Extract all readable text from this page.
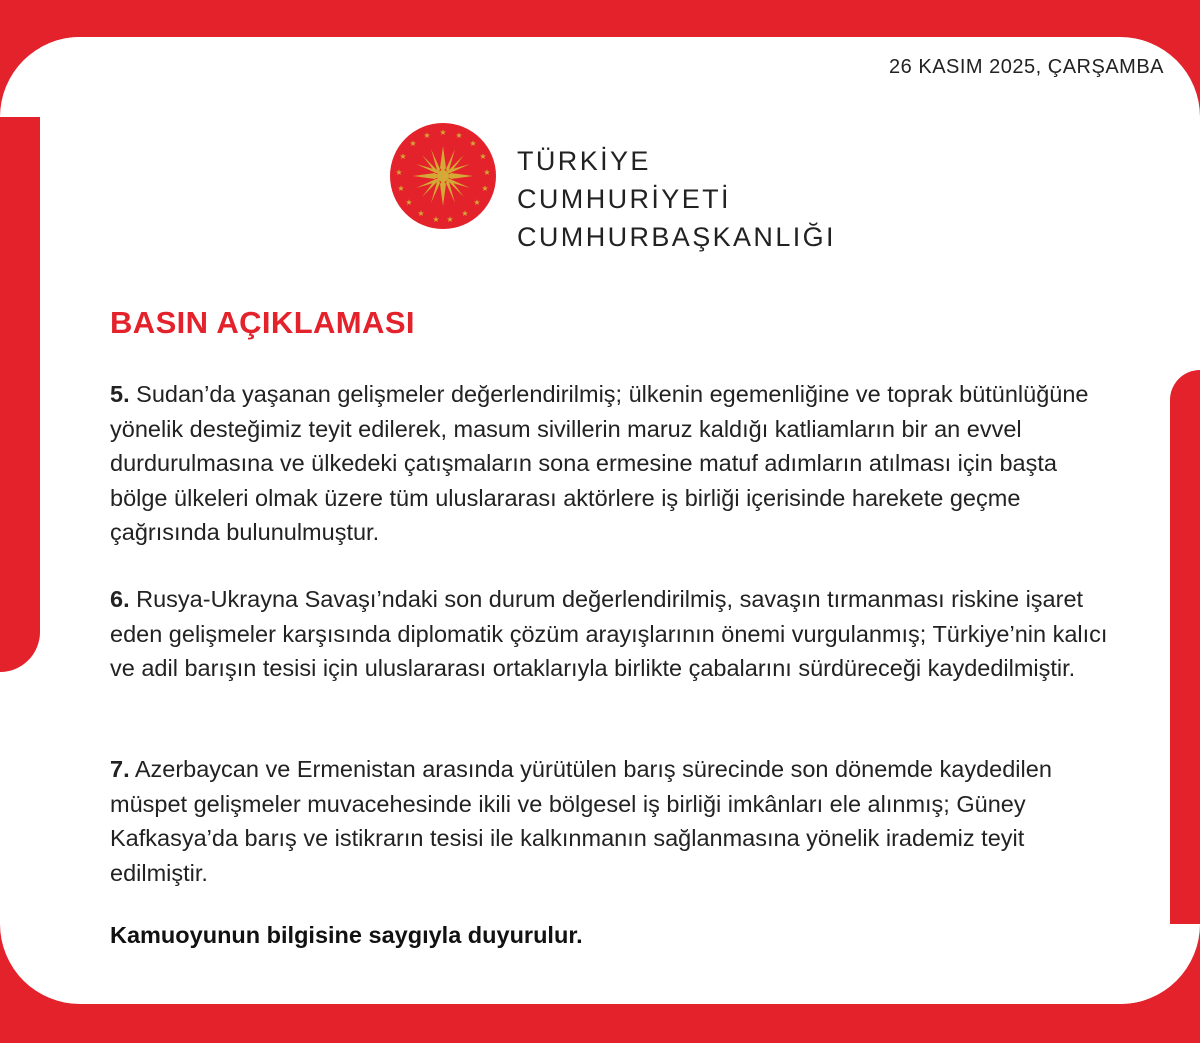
26 KASIM 2025, ÇARŞAMBA
★ ★
★
★
★
★
★
★
★
★
★
★
★
★
★
★
★
TÜRKİYE CUMHURİYETİ
CUMHURBAŞKANLIĞI
BASIN AÇIKLAMASI

5. Sudan’da yaşanan gelişmeler değerlendirilmiş; ülkenin egemenliğine ve toprak bütünlüğüne yönelik desteğimiz teyit edilerek, masum sivillerin maruz kaldığı katliamların bir an evvel durdurulmasına ve ülkedeki çatışmaların sona ermesine matuf adımların atılması için başta bölge ülkeleri olmak üzere tüm uluslararası aktörlere iş birliği içerisinde harekete geçme çağrısında bulunulmuştur.

6. Rusya-Ukrayna Savaşı’ndaki son durum değerlendirilmiş, savaşın tırmanması riskine işaret eden gelişmeler karşısında diplomatik çözüm arayışlarının önemi vurgulanmış; Türkiye’nin kalıcı ve adil barışın tesisi için uluslararası ortaklarıyla birlikte çabalarını sürdüreceği kaydedilmiştir.

7. Azerbaycan ve Ermenistan arasında yürütülen barış sürecinde son dönemde kaydedilen müspet gelişmeler muvacehesinde ikili ve bölgesel iş birliği imkânları ele alınmış; Güney Kafkasya’da barış ve istikrarın tesisi ile kalkınmanın sağlanmasına yönelik irademiz teyit edilmiştir.

Kamuoyunun bilgisine saygıyla duyurulur.
